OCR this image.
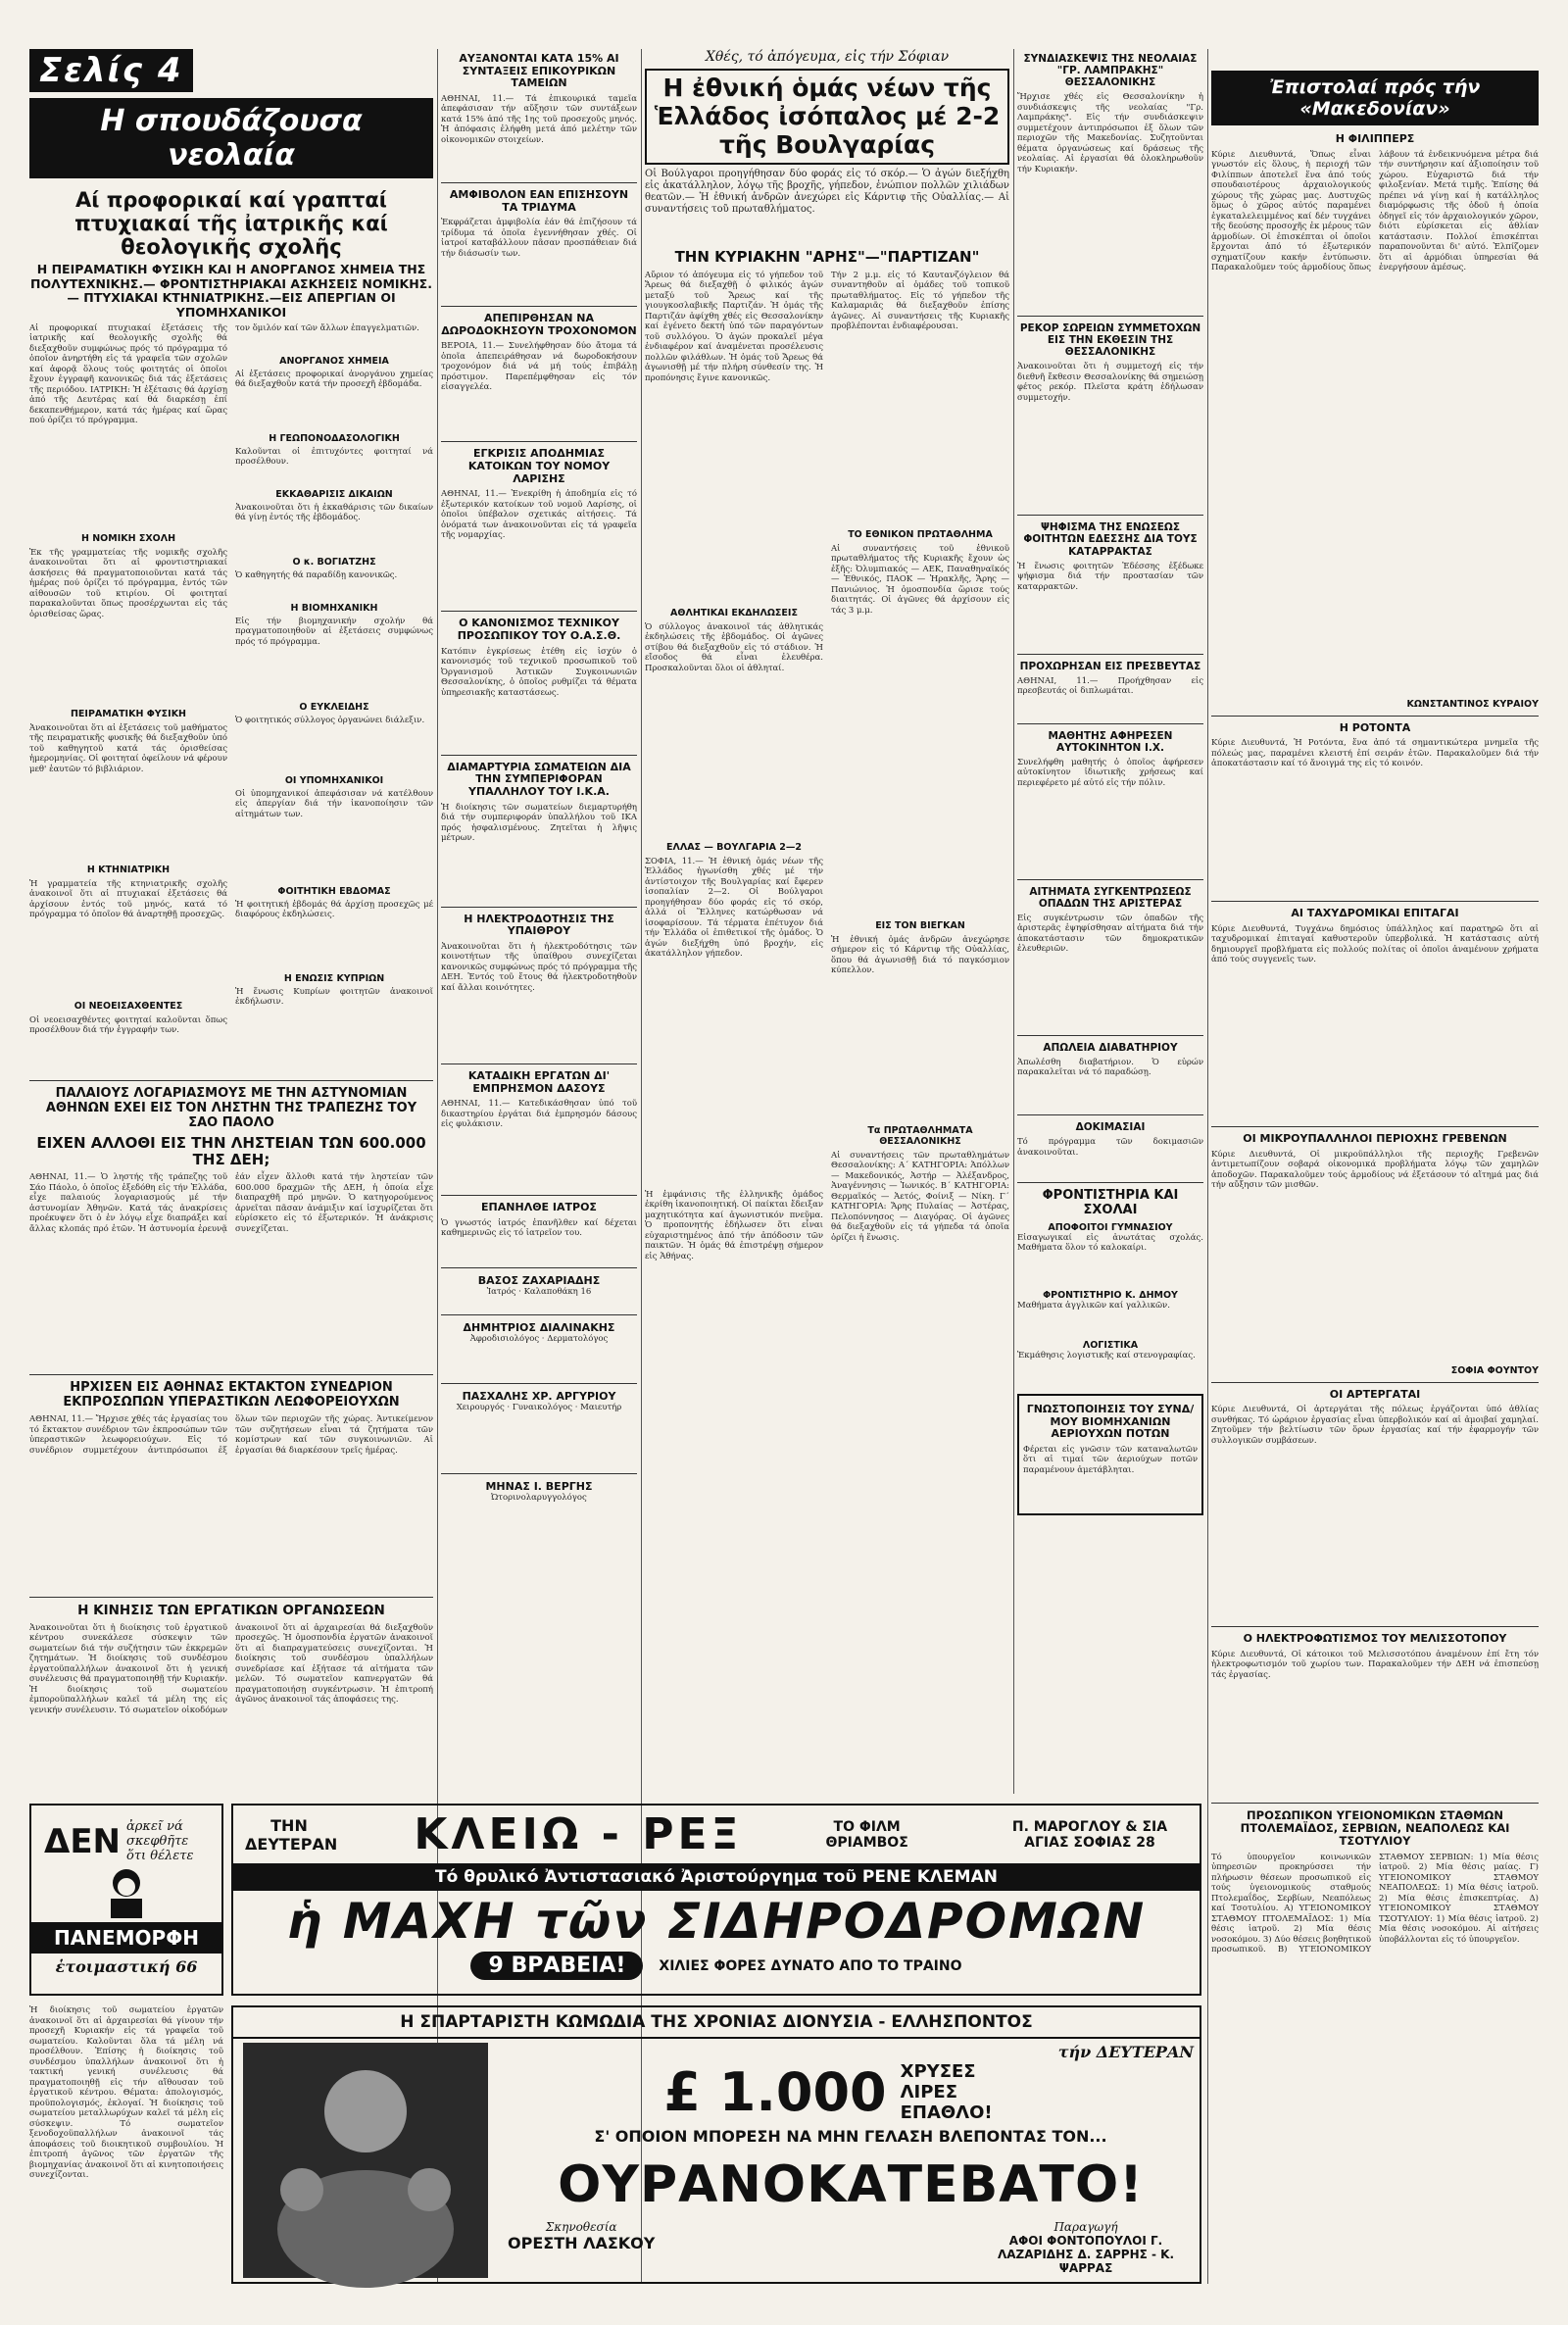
Σελίς 4
Η σπουδάζουσα νεολαία
Αί προφορικαί καί γραπταί πτυχιακαί τῆς ἰατρικῆς καί θεολογικῆς σχολῆς
Η ΠΕΙΡΑΜΑΤΙΚΗ ΦΥΣΙΚΗ ΚΑΙ Η ΑΝΟΡΓΑΝΟΣ ΧΗΜΕΙΑ ΤΗΣ ΠΟΛΥΤΕΧΝΙΚΗΣ.— ΦΡΟΝΤΙΣΤΗΡΙΑΚΑΙ ΑΣΚΗΣΕΙΣ ΝΟΜΙΚΗΣ.— ΠΤΥΧΙΑΚΑΙ ΚΤΗΝΙΑΤΡΙΚΗΣ.—ΕΙΣ ΑΠΕΡΓΙΑΝ ΟΙ ΥΠΟΜΗΧΑΝΙΚΟΙ
Αἱ προφορικαί πτυχιακαί ἐξετάσεις τῆς ἰατρικῆς καί θεολογικῆς σχολῆς θά διεξαχθοῦν συμφώνως πρός τό πρόγραμμα τό ὁποῖον ἀνηρτήθη εἰς τά γραφεῖα τῶν σχολῶν καί ἀφορᾷ ὅλους τούς φοιτητάς οἱ ὁποῖοι ἔχουν ἐγγραφῆ κανονικῶς διά τάς ἐξετάσεις τῆς περιόδου. ΙΑΤΡΙΚΗ: Ἡ ἐξέτασις θά ἀρχίσῃ ἀπό τῆς Δευτέρας καί θά διαρκέσῃ ἐπί δεκαπενθήμερον, κατά τάς ἡμέρας καί ὥρας πού ὁρίζει τό πρόγραμμα.
Η ΝΟΜΙΚΗ ΣΧΟΛΗ
Ἐκ τῆς γραμματείας τῆς νομικῆς σχολῆς ἀνακοινοῦται ὅτι αἱ φροντιστηριακαί ἀσκήσεις θά πραγματοποιοῦνται κατά τάς ἡμέρας πού ὁρίζει τό πρόγραμμα, ἐντός τῶν αἰθουσῶν τοῦ κτιρίου. Οἱ φοιτηταί παρακαλοῦνται ὅπως προσέρχωνται εἰς τάς ὁρισθείσας ὥρας.
ΠΕΙΡΑΜΑΤΙΚΗ ΦΥΣΙΚΗ
Ἀνακοινοῦται ὅτι αἱ ἐξετάσεις τοῦ μαθήματος τῆς πειραματικῆς φυσικῆς θά διεξαχθοῦν ὑπό τοῦ καθηγητοῦ κατά τάς ὁρισθείσας ἡμερομηνίας. Οἱ φοιτηταί ὀφείλουν νά φέρουν μεθ' ἑαυτῶν τό βιβλιάριον.
Η ΚΤΗΝΙΑΤΡΙΚΗ
Ἡ γραμματεία τῆς κτηνιατρικῆς σχολῆς ἀνακοινοῖ ὅτι αἱ πτυχιακαί ἐξετάσεις θά ἀρχίσουν ἐντός τοῦ μηνός, κατά τό πρόγραμμα τό ὁποῖον θά ἀναρτηθῇ προσεχῶς.
ΟΙ ΝΕΟΕΙΣΑΧΘΕΝΤΕΣ
Οἱ νεοεισαχθέντες φοιτηταί καλοῦνται ὅπως προσέλθουν διά τήν ἐγγραφήν των.
τον ὅμιλόν καί τῶν ἄλλων ἐπαγγελματιῶν.
ΑΝΟΡΓΑΝΟΣ ΧΗΜΕΙΑ
Αἱ ἐξετάσεις προφορικαί ἀνοργάνου χημείας θά διεξαχθοῦν κατά τήν προσεχῆ ἑβδομάδα.
Η ΓΕΩΠΟΝΟΔΑΣΟΛΟΓΙΚΗ
Καλοῦνται οἱ ἐπιτυχόντες φοιτηταί νά προσέλθουν.
ΕΚΚΑΘΑΡΙΣΙΣ ΔΙΚΑΙΩΝ
Ἀνακοινοῦται ὅτι ἡ ἐκκαθάρισις τῶν δικαίων θά γίνῃ ἐντός τῆς ἑβδομάδος.
Ο κ. ΒΟΓΙΑΤΖΗΣ
Ὁ καθηγητής θά παραδίδῃ κανονικῶς.
Η ΒΙΟΜΗΧΑΝΙΚΗ
Εἰς τήν βιομηχανικήν σχολήν θά πραγματοποιηθοῦν αἱ ἐξετάσεις συμφώνως πρός τό πρόγραμμα.
Ο ΕΥΚΛΕΙΔΗΣ
Ὁ φοιτητικός σύλλογος ὀργανώνει διάλεξιν.
ΟΙ ΥΠΟΜΗΧΑΝΙΚΟΙ
Οἱ ὑπομηχανικοί ἀπεφάσισαν νά κατέλθουν εἰς ἀπεργίαν διά τήν ἱκανοποίησιν τῶν αἰτημάτων των.
ΦΟΙΤΗΤΙΚΗ ΕΒΔΟΜΑΣ
Ἡ φοιτητική ἑβδομάς θά ἀρχίσῃ προσεχῶς μέ διαφόρους ἐκδηλώσεις.
Η ΕΝΩΣΙΣ ΚΥΠΡΙΩΝ
Ἡ ἕνωσις Κυπρίων φοιτητῶν ἀνακοινοῖ ἐκδήλωσιν.
ΠΑΛΑΙΟΥΣ ΛΟΓΑΡΙΑΣΜΟΥΣ ΜΕ ΤΗΝ ΑΣΤΥΝΟΜΙΑΝ ΑΘΗΝΩΝ ΕΧΕΙ ΕΙΣ ΤΟΝ ΛΗΣΤΗΝ ΤΗΣ ΤΡΑΠΕΖΗΣ ΤΟΥ ΣΑΟ ΠΑΟΛΟ
ΕΙΧΕΝ ΑΛΛΟΘΙ ΕΙΣ ΤΗΝ ΛΗΣΤΕΙΑΝ ΤΩΝ 600.000 ΤΗΣ ΔΕΗ;
ΑΘΗΝΑΙ, 11.— Ὁ ληστής τῆς τράπεζης τοῦ Σάο Πάολο, ὁ ὁποῖος ἐξεδόθη εἰς τήν Ἑλλάδα, εἶχε παλαιούς λογαριασμούς μέ τήν ἀστυνομίαν Ἀθηνῶν. Κατά τάς ἀνακρίσεις προέκυψεν ὅτι ὁ ἐν λόγῳ εἶχε διαπράξει καί ἄλλας κλοπάς πρό ἐτῶν. Ἡ ἀστυνομία ἐρευνᾷ ἐάν εἶχεν ἄλλοθι κατά τήν ληστείαν τῶν 600.000 δραχμῶν τῆς ΔΕΗ, ἡ ὁποία εἶχε διαπραχθῆ πρό μηνῶν. Ὁ κατηγορούμενος ἀρνεῖται πᾶσαν ἀνάμιξιν καί ἰσχυρίζεται ὅτι εὑρίσκετο εἰς τό ἐξωτερικόν. Ἡ ἀνάκρισις συνεχίζεται.
ΗΡΧΙΣΕΝ ΕΙΣ ΑΘΗΝΑΣ ΕΚΤΑΚΤΟΝ ΣΥΝΕΔΡΙΟΝ ΕΚΠΡΟΣΩΠΩΝ ΥΠΕΡΑΣΤΙΚΩΝ ΛΕΩΦΟΡΕΙΟΥΧΩΝ
ΑΘΗΝΑΙ, 11.— Ἤρχισε χθές τάς ἐργασίας του τό ἔκτακτον συνέδριον τῶν ἐκπροσώπων τῶν ὑπεραστικῶν λεωφορειούχων. Εἰς τό συνέδριον συμμετέχουν ἀντιπρόσωποι ἐξ ὅλων τῶν περιοχῶν τῆς χώρας. Ἀντικείμενον τῶν συζητήσεων εἶναι τά ζητήματα τῶν κομίστρων καί τῶν συγκοινωνιῶν. Αἱ ἐργασίαι θά διαρκέσουν τρεῖς ἡμέρας.
Η ΚΙΝΗΣΙΣ ΤΩΝ ΕΡΓΑΤΙΚΩΝ ΟΡΓΑΝΩΣΕΩΝ
Ἀνακοινοῦται ὅτι ἡ διοίκησις τοῦ ἐργατικοῦ κέντρου συνεκάλεσε σύσκεψιν τῶν σωματείων διά τήν συζήτησιν τῶν ἐκκρεμῶν ζητημάτων. Ἡ διοίκησις τοῦ συνδέσμου ἐργατοϋπαλλήλων ἀνακοινοῖ ὅτι ἡ γενική συνέλευσις θά πραγματοποιηθῇ τήν Κυριακήν. Ἡ διοίκησις τοῦ σωματείου ἐμποροϋπαλλήλων καλεῖ τά μέλη της εἰς γενικήν συνέλευσιν. Τό σωματεῖον οἰκοδόμων ἀνακοινοῖ ὅτι αἱ ἀρχαιρεσίαι θά διεξαχθοῦν προσεχῶς. Ἡ ὁμοσπονδία ἐργατῶν ἀνακοινοῖ ὅτι αἱ διαπραγματεύσεις συνεχίζονται. Ἡ διοίκησις τοῦ συνδέσμου ὑπαλλήλων συνεδρίασε καί ἐξήτασε τά αἰτήματα τῶν μελῶν. Τό σωματεῖον καπνεργατῶν θά πραγματοποιήσῃ συγκέντρωσιν. Ἡ ἐπιτροπή ἀγῶνος ἀνακοινοῖ τάς ἀποφάσεις της.
ΑΥΞΑΝΟΝΤΑΙ ΚΑΤΑ 15% ΑΙ ΣΥΝΤΑΞΕΙΣ ΕΠΙΚΟΥΡΙΚΩΝ ΤΑΜΕΙΩΝ
ΑΘΗΝΑΙ, 11.— Τά ἐπικουρικά ταμεῖα ἀπεφάσισαν τήν αὔξησιν τῶν συντάξεων κατά 15% ἀπό τῆς 1ης τοῦ προσεχοῦς μηνός. Ἡ ἀπόφασις ἐλήφθη μετά ἀπό μελέτην τῶν οἰκονομικῶν στοιχείων.
ΑΜΦΙΒΟΛΟΝ ΕΑΝ ΕΠΙΣΗΣΟΥΝ ΤΑ ΤΡΙΔΥΜΑ
Ἐκφράζεται ἀμφιβολία ἐάν θά ἐπιζήσουν τά τρίδυμα τά ὁποῖα ἐγεννήθησαν χθές. Οἱ ἰατροί καταβάλλουν πᾶσαν προσπάθειαν διά τήν διάσωσίν των.
ΑΠΕΠΙΡΘΗΣΑΝ ΝΑ ΔΩΡΟΔΟΚΗΣΟΥΝ ΤΡΟΧΟΝΟΜΟΝ
ΒΕΡΟΙΑ, 11.— Συνελήφθησαν δύο ἄτομα τά ὁποῖα ἀπεπειράθησαν νά δωροδοκήσουν τροχονόμον διά νά μή τούς ἐπιβάλῃ πρόστιμον. Παρεπέμφθησαν εἰς τόν εἰσαγγελέα.
ΕΓΚΡΙΣΙΣ ΑΠΟΔΗΜΙΑΣ ΚΑΤΟΙΚΩΝ ΤΟΥ ΝΟΜΟΥ ΛΑΡΙΣΗΣ
ΑΘΗΝΑΙ, 11.— Ἐνεκρίθη ἡ ἀποδημία εἰς τό ἐξωτερικόν κατοίκων τοῦ νομοῦ Λαρίσης, οἱ ὁποῖοι ὑπέβαλον σχετικάς αἰτήσεις. Τά ὀνόματά των ἀνακοινοῦνται εἰς τά γραφεῖα τῆς νομαρχίας.
Ο ΚΑΝΟΝΙΣΜΟΣ ΤΕΧΝΙΚΟΥ ΠΡΟΣΩΠΙΚΟΥ ΤΟΥ Ο.Α.Σ.Θ.
Κατόπιν ἐγκρίσεως ἐτέθη εἰς ἰσχύν ὁ κανονισμός τοῦ τεχνικοῦ προσωπικοῦ τοῦ Ὀργανισμοῦ Ἀστικῶν Συγκοινωνιῶν Θεσσαλονίκης, ὁ ὁποῖος ρυθμίζει τά θέματα ὑπηρεσιακῆς καταστάσεως.
ΔΙΑΜΑΡΤΥΡΙΑ ΣΩΜΑΤΕΙΩΝ ΔΙΑ ΤΗΝ ΣΥΜΠΕΡΙΦΟΡΑΝ ΥΠΑΛΛΗΛΟΥ ΤΟΥ Ι.Κ.Α.
Ἡ διοίκησις τῶν σωματείων διεμαρτυρήθη διά τήν συμπεριφοράν ὑπαλλήλου τοῦ ΙΚΑ πρός ἠσφαλισμένους. Ζητεῖται ἡ λῆψις μέτρων.
Η ΗΛΕΚΤΡΟΔΟΤΗΣΙΣ ΤΗΣ ΥΠΑΙΘΡΟΥ
Ἀνακοινοῦται ὅτι ἡ ἠλεκτροδότησις τῶν κοινοτήτων τῆς ὑπαίθρου συνεχίζεται κανονικῶς συμφώνως πρός τό πρόγραμμα τῆς ΔΕΗ. Ἐντός τοῦ ἔτους θά ἠλεκτροδοτηθοῦν καί ἄλλαι κοινότητες.
ΚΑΤΑΔΙΚΗ ΕΡΓΑΤΩΝ ΔΙ' ΕΜΠΡΗΣΜΟΝ ΔΑΣΟΥΣ
ΑΘΗΝΑΙ, 11.— Κατεδικάσθησαν ὑπό τοῦ δικαστηρίου ἐργάται διά ἐμπρησμόν δάσους εἰς φυλάκισιν.
ΕΠΑΝΗΛΘΕ ΙΑΤΡΟΣ
Ὁ γνωστός ἰατρός ἐπανῆλθεν καί δέχεται καθημερινῶς εἰς τό ἰατρεῖον του.
ΒΑΣΟΣ ΖΑΧΑΡΙΑΔΗΣ
Ἰατρός · Καλαποθάκη 16
ΔΗΜΗΤΡΙΟΣ ΔΙΑΛΙΝΑΚΗΣ
Ἀφροδισιολόγος · Δερματολόγος
ΠΑΣΧΑΛΗΣ ΧΡ. ΑΡΓΥΡΙΟΥ
Χειρουργός · Γυναικολόγος · Μαιευτήρ
ΜΗΝΑΣ Ι. ΒΕΡΓΗΣ
Ὠτορινολαρυγγολόγος
Χθές, τό ἀπόγευμα, εἰς τήν Σόφιαν
Η ἐθνική ὁμάς νέων τῆς Ἑλλάδος ἰσόπαλος μέ 2-2 τῆς Βουλγαρίας
Οἱ Βούλγαροι προηγήθησαν δύο φοράς εἰς τό σκόρ.— Ὁ ἀγών διεξήχθη εἰς ἀκατάλληλον, λόγῳ τῆς βροχῆς, γήπεδον, ἐνώπιον πολλῶν χιλιάδων θεατῶν.— Ἡ ἐθνική ἀνδρῶν ἀνεχώρει εἰς Κάρντιφ τῆς Οὐαλλίας.— Αἱ συναντήσεις τοῦ πρωταθλήματος.
ΤΗΝ ΚΥΡΙΑΚΗΝ "ΑΡΗΣ"—"ΠΑΡΤΙΖΑΝ"
Αὔριον τό ἀπόγευμα εἰς τό γήπεδον τοῦ Ἄρεως θά διεξαχθῇ ὁ φιλικός ἀγών μεταξύ τοῦ Ἄρεως καί τῆς γιουγκοσλαβικῆς Παρτιζάν. Ἡ ὁμάς τῆς Παρτιζάν ἀφίχθη χθές εἰς Θεσσαλονίκην καί ἐγένετο δεκτή ὑπό τῶν παραγόντων τοῦ συλλόγου. Ὁ ἀγών προκαλεῖ μέγα ἐνδιαφέρον καί ἀναμένεται προσέλευσις πολλῶν φιλάθλων. Ἡ ὁμάς τοῦ Ἄρεως θά ἀγωνισθῇ μέ τήν πλήρη σύνθεσίν της. Ἡ προπόνησις ἔγινε κανονικῶς.
ΑΘΛΗΤΙΚΑΙ ΕΚΔΗΛΩΣΕΙΣ
Ὁ σύλλογος ἀνακοινοῖ τάς ἀθλητικάς ἐκδηλώσεις τῆς ἑβδομάδος. Οἱ ἀγῶνες στίβου θά διεξαχθοῦν εἰς τό στάδιον. Ἡ εἴσοδος θά εἶναι ἐλευθέρα. Προσκαλοῦνται ὅλοι οἱ ἀθληταί.
ΕΛΛΑΣ — ΒΟΥΛΓΑΡΙΑ 2—2
ΣΟΦΙΑ, 11.— Ἡ ἐθνική ὁμάς νέων τῆς Ἑλλάδος ἠγωνίσθη χθές μέ τήν ἀντίστοιχον τῆς Βουλγαρίας καί ἔφερεν ἰσοπαλίαν 2—2. Οἱ Βούλγαροι προηγήθησαν δύο φοράς εἰς τό σκόρ, ἀλλά οἱ Ἕλληνες κατώρθωσαν νά ἰσοφαρίσουν. Τά τέρματα ἐπέτυχον διά τήν Ἑλλάδα οἱ ἐπιθετικοί τῆς ὁμάδος. Ὁ ἀγών διεξήχθη ὑπό βροχήν, εἰς ἀκατάλληλον γήπεδον.
Ἡ ἐμφάνισις τῆς ἑλληνικῆς ὁμάδος ἐκρίθη ἱκανοποιητική. Οἱ παίκται ἔδειξαν μαχητικότητα καί ἀγωνιστικόν πνεῦμα. Ὁ προπονητής ἐδήλωσεν ὅτι εἶναι εὐχαριστημένος ἀπό τήν ἀπόδοσιν τῶν παικτῶν. Ἡ ὁμάς θά ἐπιστρέψῃ σήμερον εἰς Ἀθήνας.
Τήν 2 μ.μ. εἰς τό Καυτανζόγλειον θά συναντηθοῦν αἱ ὁμάδες τοῦ τοπικοῦ πρωταθλήματος. Εἰς τό γήπεδον τῆς Καλαμαριᾶς θά διεξαχθοῦν ἐπίσης ἀγῶνες. Αἱ συναντήσεις τῆς Κυριακῆς προβλέπονται ἐνδιαφέρουσαι.
ΤΟ ΕΘΝΙΚΟΝ ΠΡΩΤΑΘΛΗΜΑ
Αἱ συναντήσεις τοῦ ἐθνικοῦ πρωταθλήματος τῆς Κυριακῆς ἔχουν ὡς ἑξῆς: Ὀλυμπιακός — ΑΕΚ, Παναθηναϊκός — Ἐθνικός, ΠΑΟΚ — Ἡρακλῆς, Ἄρης — Πανιώνιος. Ἡ ὁμοσπονδία ὥρισε τούς διαιτητάς. Οἱ ἀγῶνες θά ἀρχίσουν εἰς τάς 3 μ.μ.
ΕΙΣ ΤΟΝ ΒΙΕΓΚΑΝ
Ἡ ἐθνική ὁμάς ἀνδρῶν ἀνεχώρησε σήμερον εἰς τό Κάρντιφ τῆς Οὐαλλίας, ὅπου θά ἀγωνισθῇ διά τό παγκόσμιον κύπελλον.
Τα ΠΡΩΤΑΘΛΗΜΑΤΑ ΘΕΣΣΑΛΟΝΙΚΗΣ
Αἱ συναντήσεις τῶν πρωταθλημάτων Θεσσαλονίκης: Α΄ ΚΑΤΗΓΟΡΙΑ: Ἀπόλλων — Μακεδονικός, Ἀστήρ — Ἀλέξανδρος, Ἀναγέννησις — Ἰωνικός. Β΄ ΚΑΤΗΓΟΡΙΑ: Θερμαϊκός — Ἀετός, Φοίνιξ — Νίκη. Γ΄ ΚΑΤΗΓΟΡΙΑ: Ἄρης Πυλαίας — Ἀστέρας, Πελοπόννησος — Διαγόρας. Οἱ ἀγῶνες θά διεξαχθοῦν εἰς τά γήπεδα τά ὁποῖα ὁρίζει ἡ ἕνωσις.
ΣΥΝΔΙΑΣΚΕΨΙΣ ΤΗΣ ΝΕΟΛΑΙΑΣ "ΓΡ. ΛΑΜΠΡΑΚΗΣ" ΘΕΣΣΑΛΟΝΙΚΗΣ
Ἤρχισε χθές εἰς Θεσσαλονίκην ἡ συνδιάσκεψις τῆς νεολαίας "Γρ. Λαμπράκης". Εἰς τήν συνδιάσκεψιν συμμετέχουν ἀντιπρόσωποι ἐξ ὅλων τῶν περιοχῶν τῆς Μακεδονίας. Συζητοῦνται θέματα ὀργανώσεως καί δράσεως τῆς νεολαίας. Αἱ ἐργασίαι θά ὁλοκληρωθοῦν τήν Κυριακήν.
ΡΕΚΟΡ ΣΩΡΕΙΩΝ ΣΥΜΜΕΤΟΧΩΝ ΕΙΣ ΤΗΝ ΕΚΘΕΣΙΝ ΤΗΣ ΘΕΣΣΑΛΟΝΙΚΗΣ
Ἀνακοινοῦται ὅτι ἡ συμμετοχή εἰς τήν διεθνῆ ἔκθεσιν Θεσσαλονίκης θά σημειώσῃ φέτος ρεκόρ. Πλεῖστα κράτη ἐδήλωσαν συμμετοχήν.
ΨΗΦΙΣΜΑ ΤΗΣ ΕΝΩΣΕΩΣ ΦΟΙΤΗΤΩΝ ΕΔΕΣΣΗΣ ΔΙΑ ΤΟΥΣ ΚΑΤΑΡΡΑΚΤΑΣ
Ἡ ἕνωσις φοιτητῶν Ἐδέσσης ἐξέδωκε ψήφισμα διά τήν προστασίαν τῶν καταρρακτῶν.
ΠΡΟΧΩΡΗΣΑΝ ΕΙΣ ΠΡΕΣΒΕΥΤΑΣ
ΑΘΗΝΑΙ, 11.— Προήχθησαν εἰς πρεσβευτάς οἱ διπλωμάται.
ΜΑΘΗΤΗΣ ΑΦΗΡΕΣΕΝ ΑΥΤΟΚΙΝΗΤΟΝ Ι.Χ.
Συνελήφθη μαθητής ὁ ὁποῖος ἀφήρεσεν αὐτοκίνητον ἰδιωτικῆς χρήσεως καί περιεφέρετο μέ αὐτό εἰς τήν πόλιν.
ΑΙΤΗΜΑΤΑ ΣΥΓΚΕΝΤΡΩΣΕΩΣ ΟΠΑΔΩΝ ΤΗΣ ΑΡΙΣΤΕΡΑΣ
Εἰς συγκέντρωσιν τῶν ὀπαδῶν τῆς ἀριστερᾶς ἐψηφίσθησαν αἰτήματα διά τήν ἀποκατάστασιν τῶν δημοκρατικῶν ἐλευθεριῶν.
ΑΠΩΛΕΙΑ ΔΙΑΒΑΤΗΡΙΟΥ
Ἀπωλέσθη διαβατήριον. Ὁ εὑρών παρακαλεῖται νά τό παραδώσῃ.
ΔΟΚΙΜΑΣΙΑΙ
Τό πρόγραμμα τῶν δοκιμασιῶν ἀνακοινοῦται.
ΦΡΟΝΤΙΣΤΗΡΙΑ ΚΑΙ ΣΧΟΛΑΙ
ΑΠΟΦΟΙΤΟΙ ΓΥΜΝΑΣΙΟΥ
Εἰσαγωγικαί εἰς ἀνωτάτας σχολάς. Μαθήματα ὅλον τό καλοκαίρι.
ΦΡΟΝΤΙΣΤΗΡΙΟ Κ. ΔΗΜΟΥ
Μαθήματα ἀγγλικῶν καί γαλλικῶν.
ΛΟΓΙΣΤΙΚΑ
Ἐκμάθησις λογιστικῆς καί στενογραφίας.
ΓΝΩΣΤΟΠΟΙΗΣΙΣ ΤΟΥ ΣΥΝΔ/ΜΟΥ ΒΙΟΜΗΧΑΝΙΩΝ ΑΕΡΙΟΥΧΩΝ ΠΟΤΩΝ
Φέρεται εἰς γνῶσιν τῶν καταναλωτῶν ὅτι αἱ τιμαί τῶν ἀεριούχων ποτῶν παραμένουν ἀμετάβληται.
Ἐπιστολαί πρός τήν «Μακεδονίαν»
Η ΦΙΛΙΠΠΕΡΣ
Κύριε Διευθυντά, Ὅπως εἶναι γνωστόν εἰς ὅλους, ἡ περιοχή τῶν Φιλίππων ἀποτελεῖ ἕνα ἀπό τούς σπουδαιοτέρους ἀρχαιολογικούς χώρους τῆς χώρας μας. Δυστυχῶς ὅμως ὁ χῶρος αὐτός παραμένει ἐγκαταλελειμμένος καί δέν τυγχάνει τῆς δεούσης προσοχῆς ἐκ μέρους τῶν ἁρμοδίων. Οἱ ἐπισκέπται οἱ ὁποῖοι ἔρχονται ἀπό τό ἐξωτερικόν σχηματίζουν κακήν ἐντύπωσιν. Παρακαλοῦμεν τούς ἁρμοδίους ὅπως λάβουν τά ἐνδεικνυόμενα μέτρα διά τήν συντήρησιν καί ἀξιοποίησιν τοῦ χώρου. Εὐχαριστῶ διά τήν φιλοξενίαν. Μετά τιμῆς. Ἐπίσης θά πρέπει νά γίνῃ καί ἡ κατάλληλος διαμόρφωσις τῆς ὁδοῦ ἡ ὁποία ὁδηγεῖ εἰς τόν ἀρχαιολογικόν χῶρον, διότι εὑρίσκεται εἰς ἀθλίαν κατάστασιν. Πολλοί ἐπισκέπται παραπονοῦνται δι' αὐτό. Ἐλπίζομεν ὅτι αἱ ἁρμόδιαι ὑπηρεσίαι θά ἐνεργήσουν ἀμέσως.
ΚΩΝΣΤΑΝΤΙΝΟΣ ΚΥΡΑΙΟΥ
Η ΡΟΤΟΝΤΑ
Κύριε Διευθυντά, Ἡ Ροτόντα, ἕνα ἀπό τά σημαντικώτερα μνημεῖα τῆς πόλεώς μας, παραμένει κλειστή ἐπί σειράν ἐτῶν. Παρακαλοῦμεν διά τήν ἀποκατάστασιν καί τό ἄνοιγμά της εἰς τό κοινόν.
ΑΙ ΤΑΧΥΔΡΟΜΙΚΑΙ ΕΠΙΤΑΓΑΙ
Κύριε Διευθυντά, Τυγχάνω δημόσιος ὑπάλληλος καί παρατηρῶ ὅτι αἱ ταχυδρομικαί ἐπιταγαί καθυστεροῦν ὑπερβολικά. Ἡ κατάστασις αὐτή δημιουργεῖ προβλήματα εἰς πολλούς πολίτας οἱ ὁποῖοι ἀναμένουν χρήματα ἀπό τούς συγγενεῖς των.
ΟΙ ΜΙΚΡΟΥΠΑΛΛΗΛΟΙ ΠΕΡΙΟΧΗΣ ΓΡΕΒΕΝΩΝ
Κύριε Διευθυντά, Οἱ μικροϋπάλληλοι τῆς περιοχῆς Γρεβενῶν ἀντιμετωπίζουν σοβαρά οἰκονομικά προβλήματα λόγῳ τῶν χαμηλῶν ἀποδοχῶν. Παρακαλοῦμεν τούς ἁρμοδίους νά ἐξετάσουν τό αἴτημά μας διά τήν αὔξησιν τῶν μισθῶν.
ΣΟΦΙΑ ΦΟΥΝΤΟΥ
ΟΙ ΑΡΤΕΡΓΑΤΑΙ
Κύριε Διευθυντά, Οἱ ἀρτεργάται τῆς πόλεως ἐργάζονται ὑπό ἀθλίας συνθήκας. Τό ὡράριον ἐργασίας εἶναι ὑπερβολικόν καί αἱ ἀμοιβαί χαμηλαί. Ζητοῦμεν τήν βελτίωσιν τῶν ὅρων ἐργασίας καί τήν ἐφαρμογήν τῶν συλλογικῶν συμβάσεων.
Ο ΗΛΕΚΤΡΟΦΩΤΙΣΜΟΣ ΤΟΥ ΜΕΛΙΣΣΟΤΟΠΟΥ
Κύριε Διευθυντά, Οἱ κάτοικοι τοῦ Μελισσοτόπου ἀναμένουν ἐπί ἔτη τόν ἠλεκτροφωτισμόν τοῦ χωρίου των. Παρακαλοῦμεν τήν ΔΕΗ νά ἐπισπεύσῃ τάς ἐργασίας.
ΠΡΟΣΩΠΙΚΟΝ ΥΓΕΙΟΝΟΜΙΚΩΝ ΣΤΑΘΜΩΝ ΠΤΟΛΕΜΑΪΔΟΣ, ΣΕΡΒΙΩΝ, ΝΕΑΠΟΛΕΩΣ ΚΑΙ ΤΣΟΤΥΛΙΟΥ
Τό ὑπουργεῖον κοινωνικῶν ὑπηρεσιῶν προκηρύσσει τήν πλήρωσιν θέσεων προσωπικοῦ εἰς τούς ὑγειονομικούς σταθμούς Πτολεμαΐδος, Σερβίων, Νεαπόλεως καί Τσοτυλίου. Α) ΥΓΕΙΟΝΟΜΙΚΟΥ ΣΤΑΘΜΟΥ ΠΤΟΛΕΜΑΪΔΟΣ: 1) Μία θέσις ἰατροῦ. 2) Μία θέσις νοσοκόμου. 3) Δύο θέσεις βοηθητικοῦ προσωπικοῦ. Β) ΥΓΕΙΟΝΟΜΙΚΟΥ ΣΤΑΘΜΟΥ ΣΕΡΒΙΩΝ: 1) Μία θέσις ἰατροῦ. 2) Μία θέσις μαίας. Γ) ΥΓΕΙΟΝΟΜΙΚΟΥ ΣΤΑΘΜΟΥ ΝΕΑΠΟΛΕΩΣ: 1) Μία θέσις ἰατροῦ. 2) Μία θέσις ἐπισκεπτρίας. Δ) ΥΓΕΙΟΝΟΜΙΚΟΥ ΣΤΑΘΜΟΥ ΤΣΟΤΥΛΙΟΥ: 1) Μία θέσις ἰατροῦ. 2) Μία θέσις νοσοκόμου. Αἱ αἰτήσεις ὑποβάλλονται εἰς τό ὑπουργεῖον.
ΔΕΝ ἀρκεῖ νά σκεφθῆτε ὅτι θέλετε
ΠΑΝΕΜΟΡΦΗ
ἑτοιμαστική 66
ΤΗΝ ΔΕΥΤΕΡΑΝ ΚΛΕΙΩ - ΡΕΞ	ΤΟ ΦΙΛΜ ΘΡΙΑΜΒΟΣ
Π. ΜΑΡΟΓΛΟΥ & ΣΙΑ ΑΓΙΑΣ ΣΟΦΙΑΣ 28
Τό θρυλικό Ἀντιστασιακό Ἀριστούργημα τοῦ ΡΕΝΕ ΚΛΕΜΑΝ
ἡ ΜΑΧΗ τῶν ΣΙΔΗΡΟΔΡΟΜΩΝ
9 ΒΡΑΒΕΙΑ!	ΧΙΛΙΕΣ ΦΟΡΕΣ ΔΥΝΑΤΟ ΑΠΟ ΤΟ ΤΡΑΙΝΟ
Η ΣΠΑΡΤΑΡΙΣΤΗ ΚΩΜΩΔΙΑ ΤΗΣ ΧΡΟΝΙΑΣ ΔΙΟΝΥΣΙΑ - ΕΛΛΗΣΠΟΝΤΟΣ
τήν ΔΕΥΤΕΡΑΝ
£ 1.000 ΧΡΥΣΕΣ ΛΙΡΕΣ ΕΠΑΘΛΟ!
Σ' ΟΠΟΙΟΝ ΜΠΟΡΕΣΗ ΝΑ ΜΗΝ ΓΕΛΑΣΗ ΒΛΕΠΟΝΤΑΣ ΤΟΝ...
ΟΥΡΑΝΟΚΑΤΕΒΑΤΟ!
Σκηνοθεσία
ΟΡΕΣΤΗ ΛΑΣΚΟΥ
Παραγωγή
ΑΦΟΙ ΦΟΝΤΟΠΟΥΛΟΙ Γ. ΛΑΖΑΡΙΔΗΣ Δ. ΣΑΡΡΗΣ - Κ. ΨΑΡΡΑΣ
Ἡ διοίκησις τοῦ σωματείου ἐργατῶν ἀνακοινοῖ ὅτι αἱ ἀρχαιρεσίαι θά γίνουν τήν προσεχῆ Κυριακήν εἰς τά γραφεῖα τοῦ σωματείου. Καλοῦνται ὅλα τά μέλη νά προσέλθουν. Ἐπίσης ἡ διοίκησις τοῦ συνδέσμου ὑπαλλήλων ἀνακοινοῖ ὅτι ἡ τακτική γενική συνέλευσις θά πραγματοποιηθῇ εἰς τήν αἴθουσαν τοῦ ἐργατικοῦ κέντρου. Θέματα: ἀπολογισμός, προϋπολογισμός, ἐκλογαί. Ἡ διοίκησις τοῦ σωματείου μεταλλωρύχων καλεῖ τά μέλη εἰς σύσκεψιν. Τό σωματεῖον ξενοδοχοϋπαλλήλων ἀνακοινοῖ τάς ἀποφάσεις τοῦ διοικητικοῦ συμβουλίου. Ἡ ἐπιτροπή ἀγῶνος τῶν ἐργατῶν τῆς βιομηχανίας ἀνακοινοῖ ὅτι αἱ κινητοποιήσεις συνεχίζονται.
